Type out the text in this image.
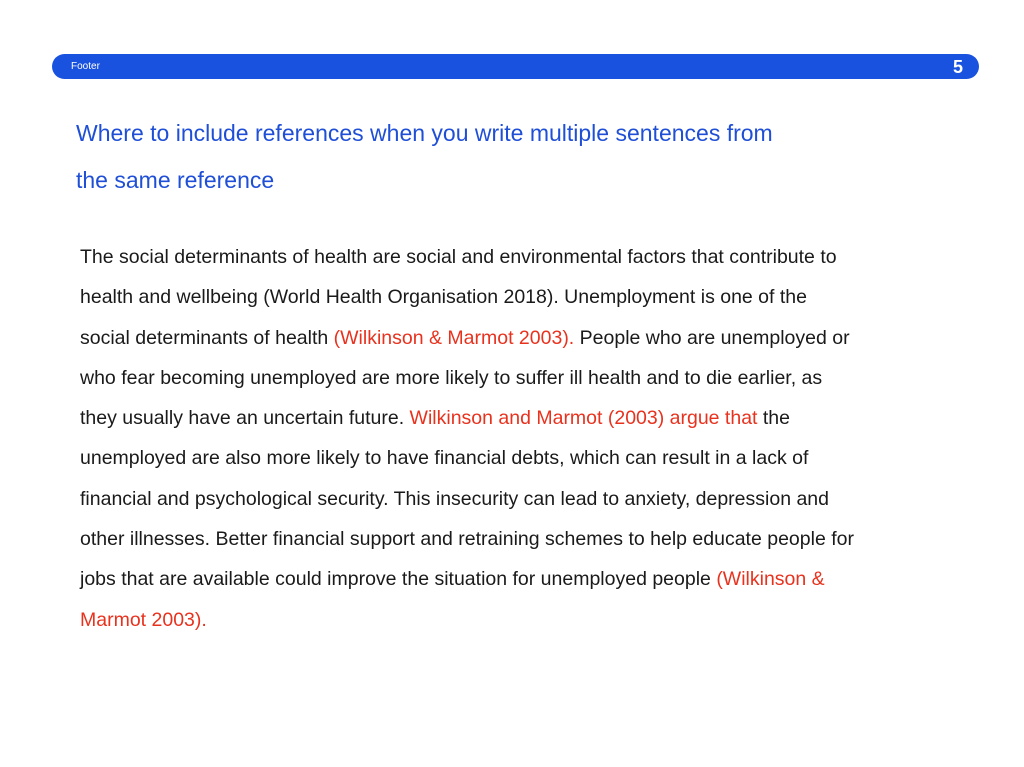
Footer	5
Where to include references when you write multiple sentences from
the same reference
The social determinants of health are social and environmental factors that contribute to
health and wellbeing (World Health Organisation 2018). Unemployment is one of the
social determinants of health (Wilkinson & Marmot 2003). People who are unemployed or
who fear becoming unemployed are more likely to suffer ill health and to die earlier, as
they usually have an uncertain future. Wilkinson and Marmot (2003) argue that the
unemployed are also more likely to have financial debts, which can result in a lack of
financial and psychological security. This insecurity can lead to anxiety, depression and
other illnesses. Better financial support and retraining schemes to help educate people for
jobs that are available could improve the situation for unemployed people (Wilkinson &
Marmot 2003).
